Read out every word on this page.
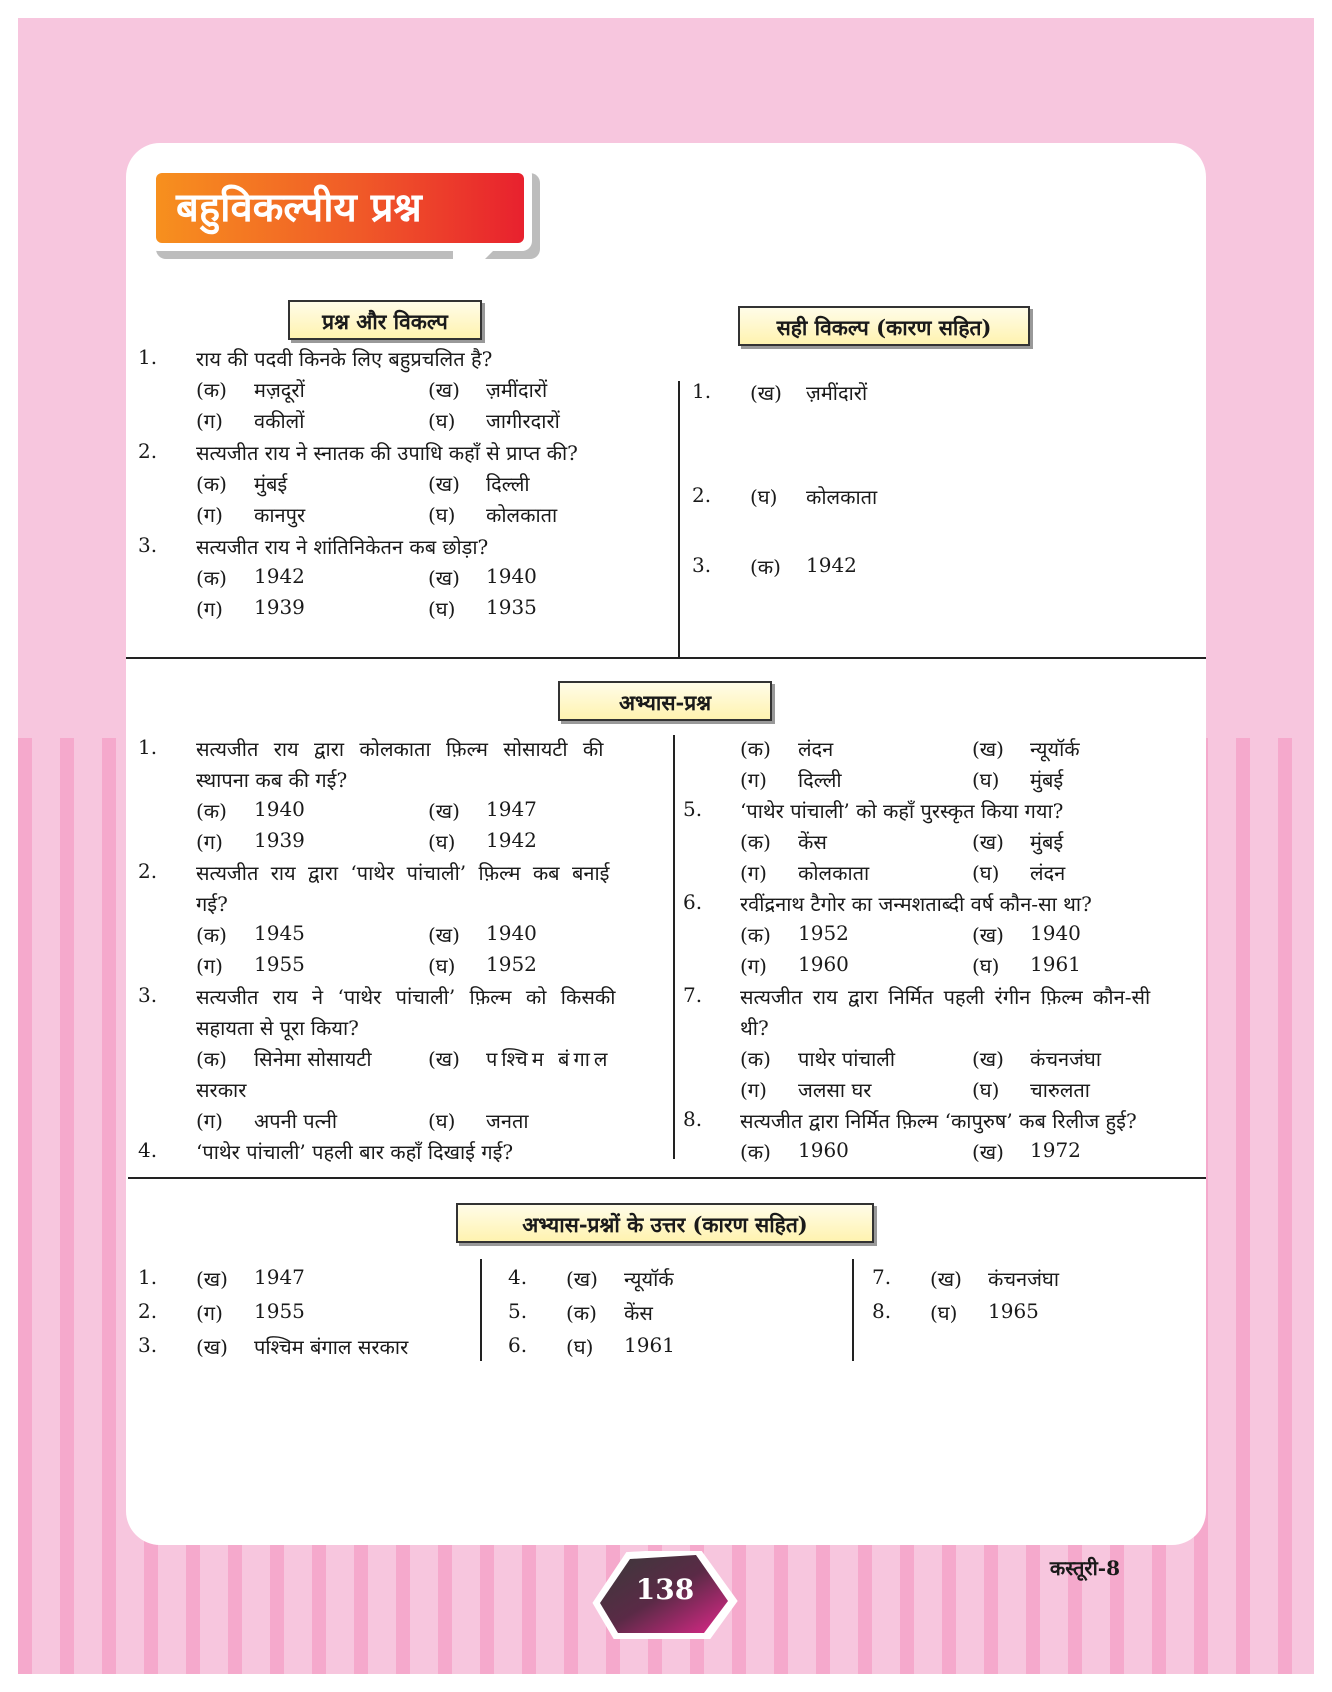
बहुविकल्पीय प्रश्न
प्रश्न और विकल्प	सही विकल्प (कारण सहित)
1. राय की पदवी किनके लिए बहुप्रचलित है?
(क) मज़दूरों	(ख) ज़मींदारों
(ग) वकीलों	(घ) जागीरदारों
2. सत्यजीत राय ने स्नातक की उपाधि कहाँ से प्राप्त की?
(क) मुंबई	(ख) दिल्ली
(ग) कानपुर	(घ) कोलकाता
3. सत्यजीत राय ने शांतिनिकेतन कब छोड़ा?
(क) 1942	(ख) 1940
(ग) 1939	(घ) 1935
1. (ख) ज़मींदारों
2. (घ) कोलकाता
3. (क) 1942
अभ्यास-प्रश्न
1. सत्यजीत राय द्वारा कोलकाता फ़िल्म सोसायटी की
स्थापना कब की गई?
(क) 1940	(ख) 1947
(ग) 1939	(घ) 1942
2. सत्यजीत राय द्वारा ‘पाथेर पांचाली’ फ़िल्म कब बनाई
गई?
(क) 1945	(ख) 1940
(ग) 1955	(घ) 1952
3. सत्यजीत राय ने ‘पाथेर पांचाली’ फ़िल्म को किसकी
सहायता से पूरा किया?
(क) सिनेमा सोसायटी	(ख) पश्चिम बंगाल
सरकार
(ग) अपनी पत्नी	(घ) जनता
4. ‘पाथेर पांचाली’ पहली बार कहाँ दिखाई गई?
(क) लंदन	(ख) न्यूयॉर्क
(ग) दिल्ली	(घ) मुंबई
5. ‘पाथेर पांचाली’ को कहाँ पुरस्कृत किया गया?
(क) केंस	(ख) मुंबई
(ग) कोलकाता	(घ) लंदन
6. रवींद्रनाथ टैगोर का जन्मशताब्दी वर्ष कौन-सा था?
(क) 1952	(ख) 1940
(ग) 1960	(घ) 1961
7. सत्यजीत राय द्वारा निर्मित पहली रंगीन फ़िल्म कौन-सी
थी?
(क) पाथेर पांचाली	(ख) कंचनजंघा
(ग) जलसा घर	(घ) चारुलता
8. सत्यजीत द्वारा निर्मित फ़िल्म ‘कापुरुष’ कब रिलीज हुई?
(क) 1960	(ख) 1972
अभ्यास-प्रश्नों के उत्तर (कारण सहित)
1. (ख) 1947
2. (ग) 1955
3. (ख) पश्चिम बंगाल सरकार
4. (ख) न्यूयॉर्क
5. (क) केंस
6. (घ) 1961
7. (ख) कंचनजंघा
8. (घ) 1965
कस्तूरी-8
138
